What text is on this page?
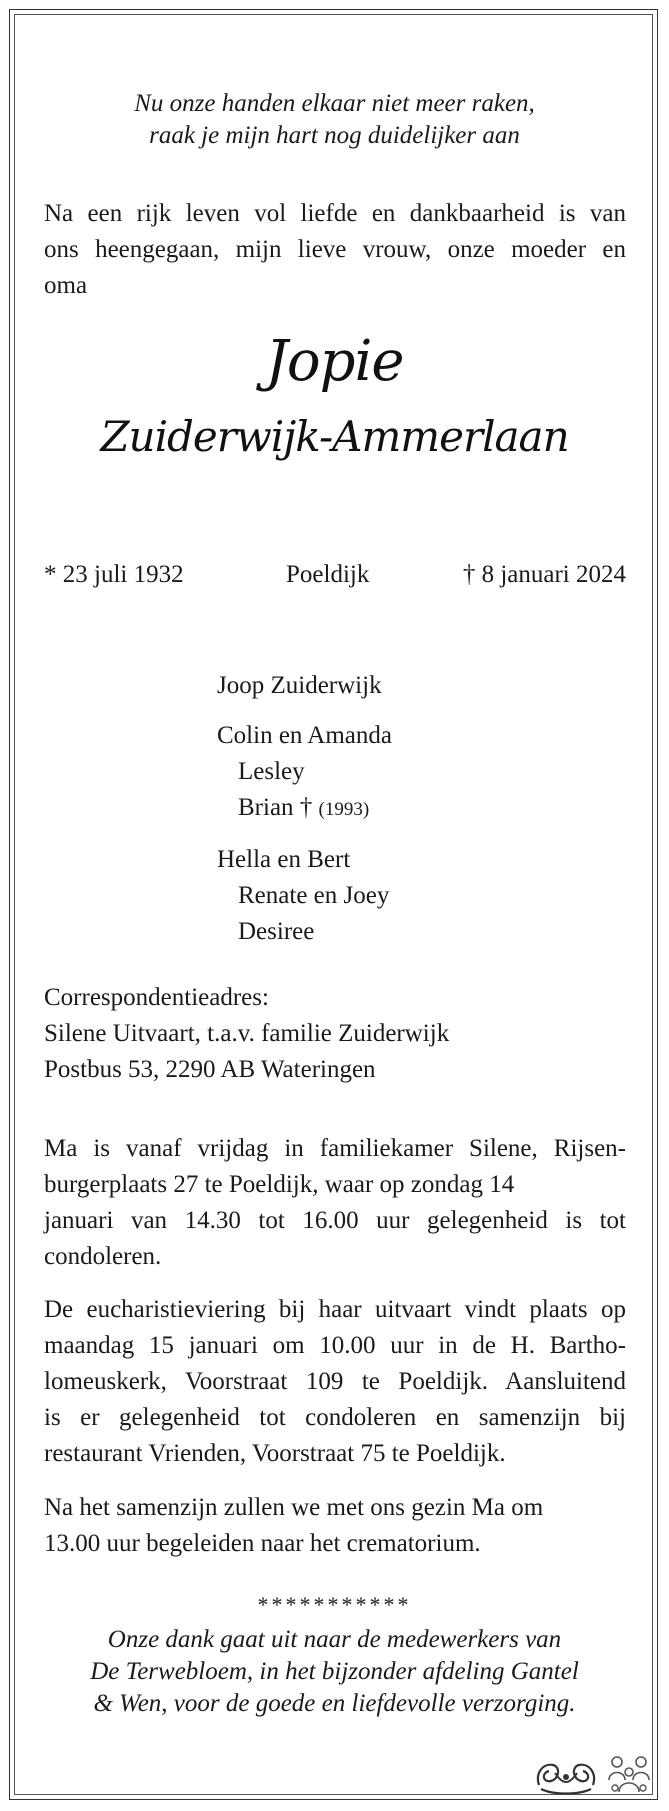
Nu onze handen elkaar niet meer raken,
raak je mijn hart nog duidelijker aan
Na een rijk leven vol liefde en dankbaarheid is van
ons heengegaan, mijn lieve vrouw, onze moeder en
oma
Jopie
Zuiderwijk-Ammerlaan
* 23 juli 1932	Poeldijk	† 8 januari 2024
Joop Zuiderwijk
Colin en Amanda
Lesley
Brian † (1993)
Hella en Bert
Renate en Joey
Desiree
Correspondentieadres:
Silene Uitvaart, t.a.v. familie Zuiderwijk
Postbus 53, 2290 AB Wateringen
Ma is vanaf vrijdag in familiekamer Silene, Rijsen-
burgerplaats 27 te Poeldijk, waar op zondag 14
januari van 14.30 tot 16.00 uur gelegenheid is tot
condoleren.
De eucharistieviering bij haar uitvaart vindt plaats op
maandag 15 januari om 10.00 uur in de H. Bartho-
lomeuskerk, Voorstraat 109 te Poeldijk. Aansluitend
is er gelegenheid tot condoleren en samenzijn bij
restaurant Vrienden, Voorstraat 75 te Poeldijk.
Na het samenzijn zullen we met ons gezin Ma om
13.00 uur begeleiden naar het crematorium.
***********
Onze dank gaat uit naar de medewerkers van
De Terwebloem, in het bijzonder afdeling Gantel
& Wen, voor de goede en liefdevolle verzorging.
